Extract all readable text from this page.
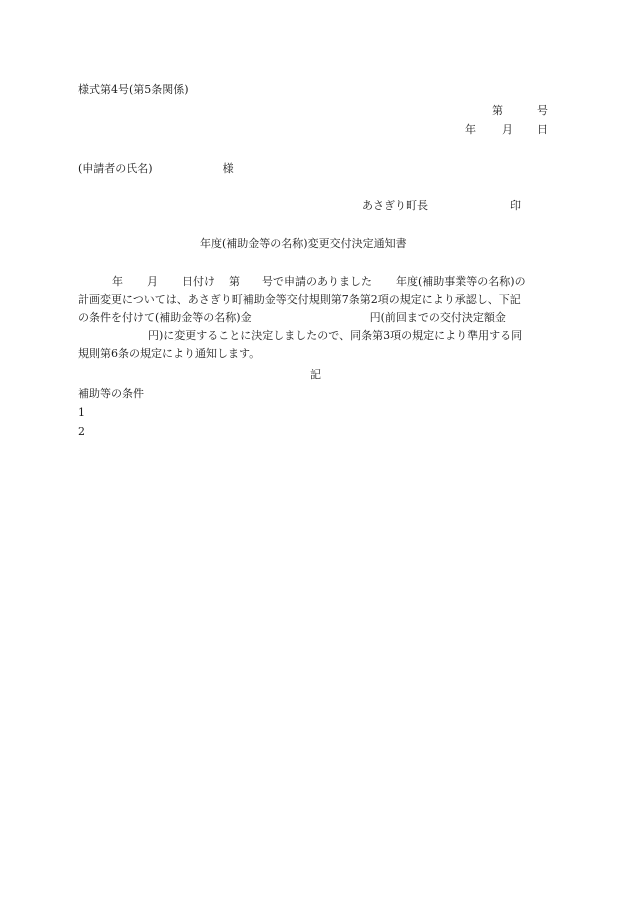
様式第4号(第5条関係)

第	号

年 月 日

(申請者の氏名)	様

あさぎり町長	印

年度(補助金等の名称)変更交付決定通知書

年 月 日付け 第 号で申請のありました 年度(補助事業等の名称)の
計画変更については、あさぎり町補助金等交付規則第7条第2項の規定により承認し、下記
の条件を付けて(補助金等の名称)金	円(前回までの交付決定額金
円)に変更することに決定しましたので、同条第3項の規定により準用する同
規則第6条の規定により通知します。

記

補助等の条件

1

2
